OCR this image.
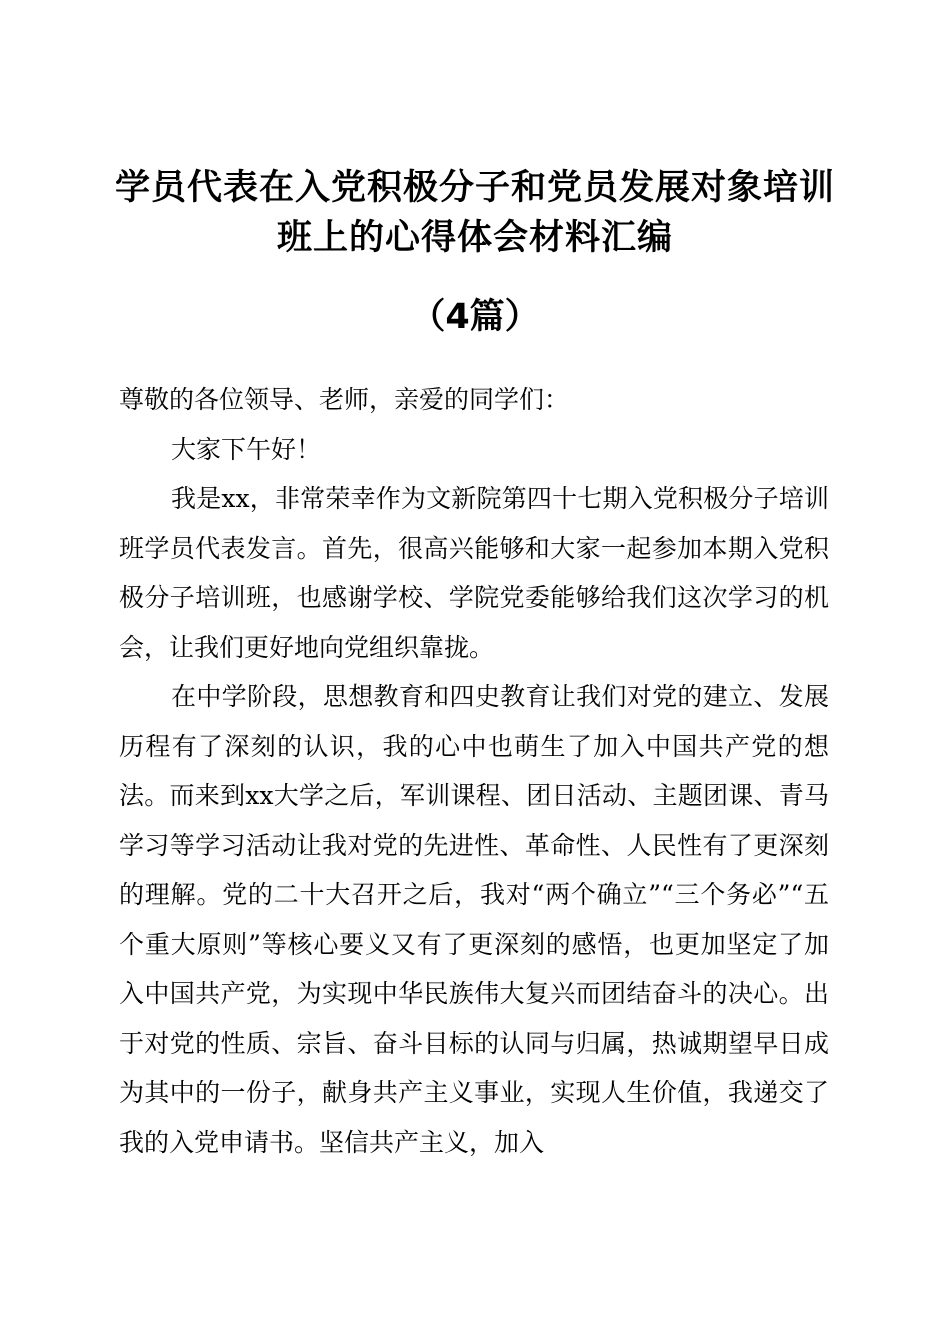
学员代表在入党积极分子和党员发展对象培训
班上的心得体会材料汇编
（4篇）

尊敬的各位领导、老师，亲爱的同学们：

大家下午好！

我是xx，非常荣幸作为文新院第四十七期入党积极分子培训班学员代表发言。首先，很高兴能够和大家一起参加本期入党积极分子培训班，也感谢学校、学院党委能够给我们这次学习的机会，让我们更好地向党组织靠拢。

在中学阶段，思想教育和四史教育让我们对党的建立、发展历程有了深刻的认识，我的心中也萌生了加入中国共产党的想法。而来到xx大学之后，军训课程、团日活动、主题团课、青马学习等学习活动让我对党的先进性、革命性、人民性有了更深刻的理解。党的二十大召开之后，我对“两个确立”“三个务必”“五个重大原则”等核心要义又有了更深刻的感悟，也更加坚定了加入中国共产党，为实现中华民族伟大复兴而团结奋斗的决心。出于对党的性质、宗旨、奋斗目标的认同与归属，热诚期望早日成为其中的一份子，献身共产主义事业，实现人生价值，我递交了我的入党申请书。坚信共产主义，加入
